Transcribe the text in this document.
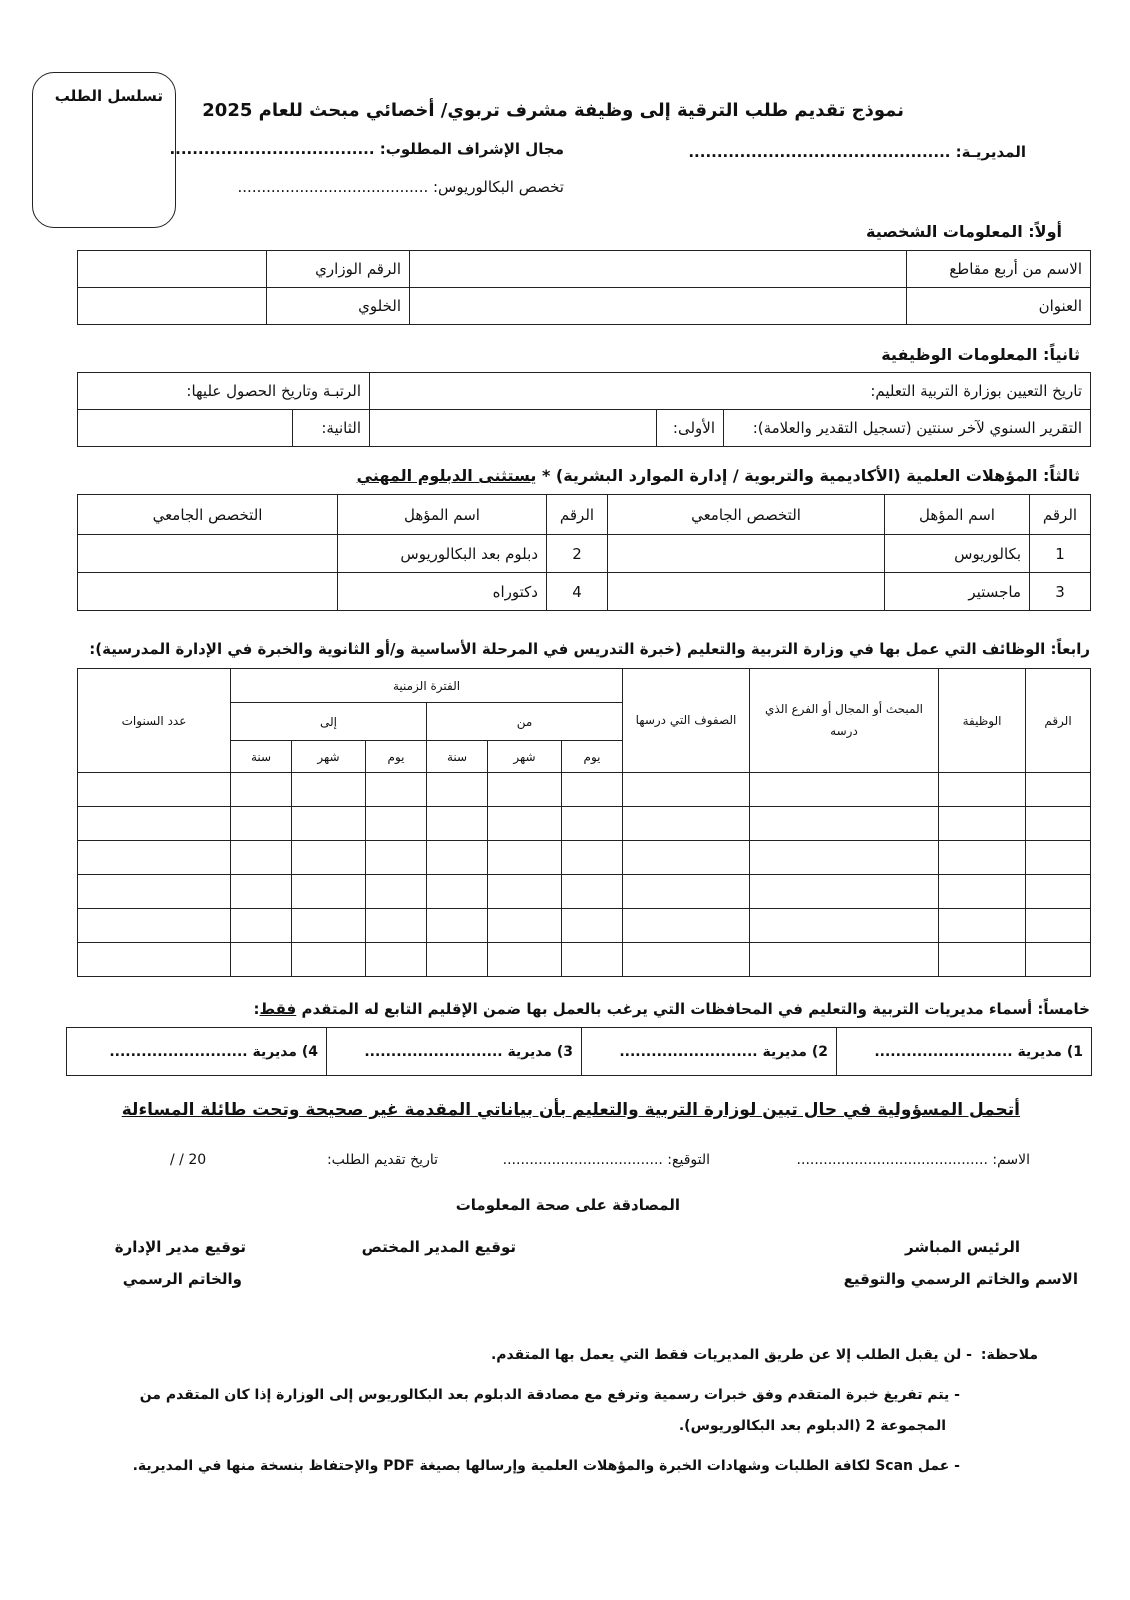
تسلسل الطلب
نموذج تقديم طلب الترقية إلى وظيفة مشرف تربوي/ أخصائي مبحث للعام 2025
المديريـة: ..............................................
مجال الإشراف المطلوب: ....................................
تخصص البكالوريوس: ........................................
أولاً: المعلومات الشخصية
الاسم من أربع مقاطع		الرقم الوزاري	
العنوان		الخلوي	
ثانياً: المعلومات الوظيفية
تاريخ التعيين بوزارة التربية التعليم:			الرتبـة وتاريخ الحصول عليها:	
التقرير السنوي لآخر سنتين (تسجيل التقدير والعلامة):	الأولى:		الثانية:	
ثالثاً: المؤهلات العلمية (الأكاديمية والتربوية / إدارة الموارد البشرية) * يستثنى الدبلوم المهني
الرقم	اسم المؤهل	التخصص الجامعي	الرقم	اسم المؤهل	التخصص الجامعي
1	بكالوريوس		2	دبلوم بعد البكالوريوس	
3	ماجستير		4	دكتوراه	
رابعاً: الوظائف التي عمل بها في وزارة التربية والتعليم (خبرة التدريس في المرحلة الأساسية و/أو الثانوية والخبرة في الإدارة المدرسية):
الرقم	الوظيفة	المبحث أو المجال أو الفرع الذي درسه	الصفوف التي درسها	الفترة الزمنية						عدد السنوات
				من			إلى			
				يوم	شهر	سنة	يوم	شهر	سنة	

خامساً: أسماء مديريات التربية والتعليم في المحافظات التي يرغب بالعمل بها ضمن الإقليم التابع له المتقدم فقط:
1) مديرية ..........................	2) مديرية ..........................	3) مديرية ..........................	4) مديرية ..........................
أتحمل المسؤولية في حال تبين لوزارة التربية والتعليم بأن بياناتي المقدمة غير صحيحة وتحت طائلة المساءلة
الاسم: ...........................................
التوقيع: ....................................
تاريخ تقديم الطلب:
/ / 20
المصادقة على صحة المعلومات
الرئيس المباشر
الاسم والخاتم الرسمي والتوقيع
توقيع المدير المختص
توقيع مدير الإدارة
والخاتم الرسمي
ملاحظة:
- لن يقبل الطلب إلا عن طريق المديريات فقط التي يعمل بها المتقدم.
- يتم تفريغ خبرة المتقدم وفق خبرات رسمية وترفع مع مصادقة الدبلوم بعد البكالوريوس إلى الوزارة إذا كان المتقدم من
المجموعة 2 (الدبلوم بعد البكالوريوس).
- عمل Scan لكافة الطلبات وشهادات الخبرة والمؤهلات العلمية وإرسالها بصيغة PDF والإحتفاظ بنسخة منها في المديرية.
